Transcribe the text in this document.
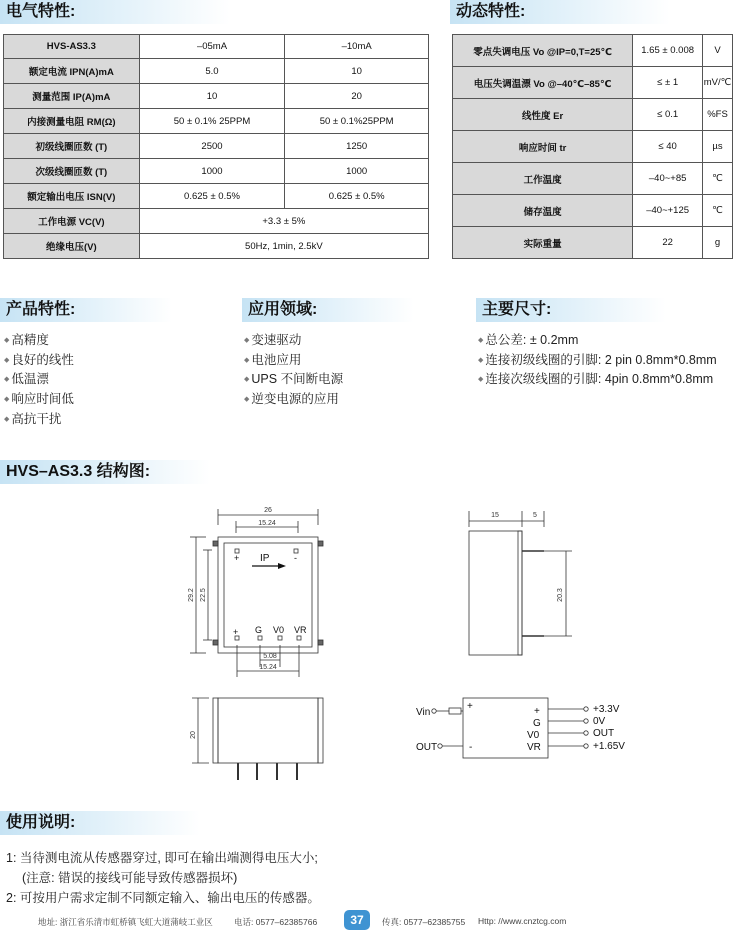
电气特性:
HVS-AS3.3	–05mA	–10mA
额定电流 IPN(A)mA	5.0	10
测量范围 IP(A)mA	10	20
内接测量电阻 RM(Ω)	50 ± 0.1% 25PPM	50 ± 0.1%25PPM
初级线圈匝数 (T)	2500	1250
次级线圈匝数 (T)	1000	1000
额定输出电压 ISN(V)	0.625 ± 0.5%	0.625 ± 0.5%
工作电源 VC(V)	+3.3 ± 5%	
绝缘电压(V)	50Hz, 1min, 2.5kV	
动态特性:
零点失调电压 Vo @IP=0,T=25℃	1.65 ± 0.008	V
电压失调温漂 Vo @–40℃–85℃	≤ ± 1	mV/℃
线性度 Er	≤ 0.1	%FS
响应时间 tr	≤ 40	µs
工作温度	–40~+85	℃
储存温度	–40~+125	℃
实际重量	22	g
产品特性:
◆ 高精度
◆ 良好的线性
◆ 低温漂
◆ 响应时间低
◆ 高抗干扰
应用领域:
◆ 变速驱动
◆ 电池应用
◆ UPS 不间断电源
◆ 逆变电源的应用
主要尺寸:
◆ 总公差: ± 0.2mm
◆ 连接初级线圈的引脚: 2 pin 0.8mm*0.8mm
◆ 连接次级线圈的引脚: 4pin 0.8mm*0.8mm
HVS–AS3.3 结构图:
26
15.24
29.2 22.5
+	-
IP
+ G V0 VR
5.08
15.24
15	5
20.3
20
Vin
+
OUT	-
+
G
V0
VR
+3.3V
0V
OUT
+1.65V
使用说明:
1: 当待测电流从传感器穿过, 即可在输出端测得电压大小;
(注意: 错误的接线可能导致传感器损坏)
2: 可按用户需求定制不同额定输入、输出电压的传感器。
地址: 浙江省乐清市虹桥镇飞虹大道蒲岐工业区	电话: 0577–62385766	37	传真: 0577–62385755 Http: //www.cnztcg.com
